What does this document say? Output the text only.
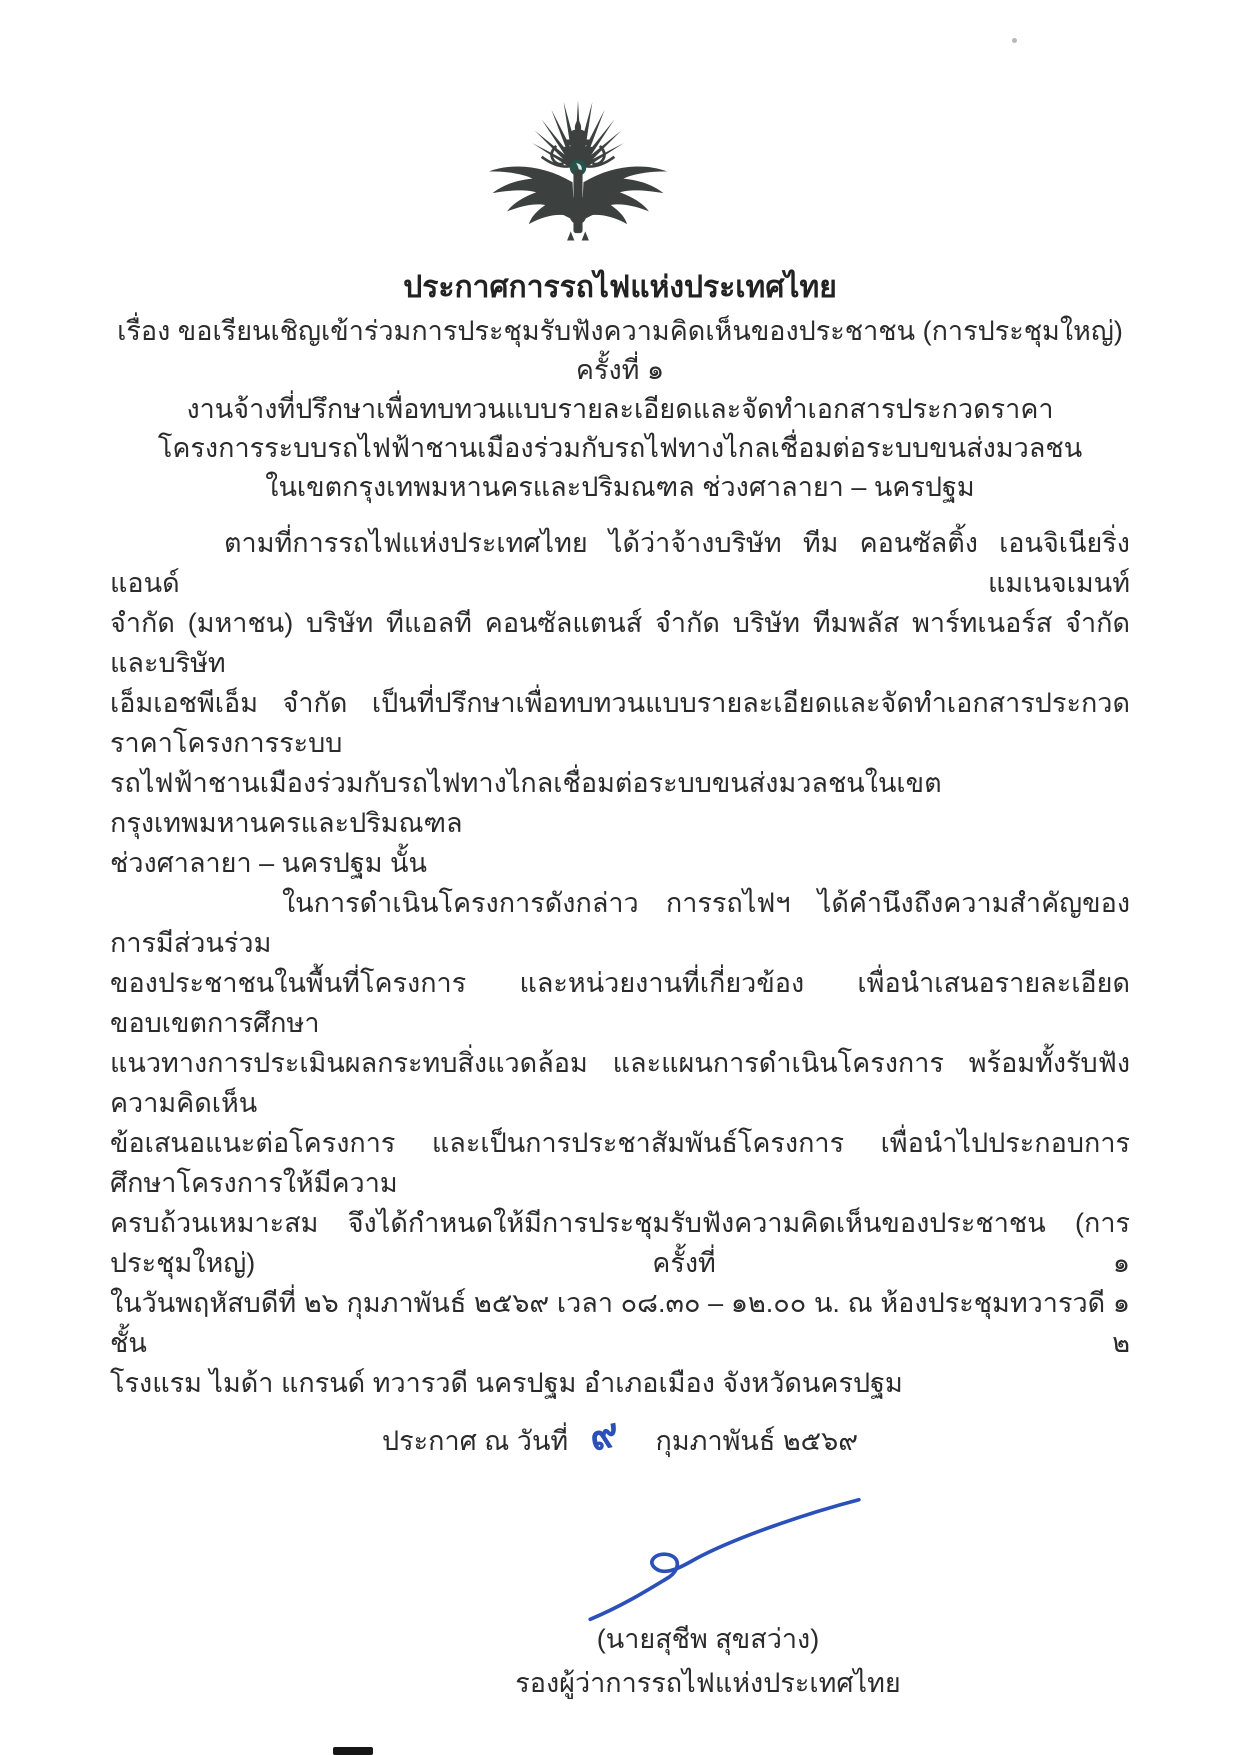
ประกาศการรถไฟแห่งประเทศไทย
เรื่อง ขอเรียนเชิญเข้าร่วมการประชุมรับฟังความคิดเห็นของประชาชน (การประชุมใหญ่) ครั้งที่ ๑
งานจ้างที่ปรึกษาเพื่อทบทวนแบบรายละเอียดและจัดทำเอกสารประกวดราคา
โครงการระบบรถไฟฟ้าชานเมืองร่วมกับรถไฟทางไกลเชื่อมต่อระบบขนส่งมวลชน
ในเขตกรุงเทพมหานครและปริมณฑล ช่วงศาลายา – นครปฐม
ตามที่การรถไฟแห่งประเทศไทย ได้ว่าจ้างบริษัท ทีม คอนซัลติ้ง เอนจิเนียริ่ง แอนด์ แมเนจเมนท์
จำกัด (มหาชน) บริษัท ทีแอลที คอนซัลแตนส์ จำกัด บริษัท ทีมพลัส พาร์ทเนอร์ส จำกัด และบริษัท
เอ็มเอชพีเอ็ม จำกัด เป็นที่ปรึกษาเพื่อทบทวนแบบรายละเอียดและจัดทำเอกสารประกวดราคาโครงการระบบ
รถไฟฟ้าชานเมืองร่วมกับรถไฟทางไกลเชื่อมต่อระบบขนส่งมวลชนในเขตกรุงเทพมหานครและปริมณฑล
ช่วงศาลายา – นครปฐม นั้น
ในการดำเนินโครงการดังกล่าว การรถไฟฯ ได้คำนึงถึงความสำคัญของการมีส่วนร่วม
ของประชาชนในพื้นที่โครงการ และหน่วยงานที่เกี่ยวข้อง เพื่อนำเสนอรายละเอียด ขอบเขตการศึกษา
แนวทางการประเมินผลกระทบสิ่งแวดล้อม และแผนการดำเนินโครงการ พร้อมทั้งรับฟังความคิดเห็น
ข้อเสนอแนะต่อโครงการ และเป็นการประชาสัมพันธ์โครงการ เพื่อนำไปประกอบการศึกษาโครงการให้มีความ
ครบถ้วนเหมาะสม จึงได้กำหนดให้มีการประชุมรับฟังความคิดเห็นของประชาชน (การประชุมใหญ่) ครั้งที่ ๑
ในวันพฤหัสบดีที่ ๒๖ กุมภาพันธ์ ๒๕๖๙ เวลา ๐๘.๓๐ – ๑๒.๐๐ น. ณ ห้องประชุมทวารวดี ๑ ชั้น ๒
โรงแรม ไมด้า แกรนด์ ทวารวดี นครปฐม อำเภอเมือง จังหวัดนครปฐม
ประกาศ ณ วันที่ ๙ กุมภาพันธ์ ๒๕๖๙
(นายสุชีพ สุขสว่าง)
รองผู้ว่าการรถไฟแห่งประเทศไทย
